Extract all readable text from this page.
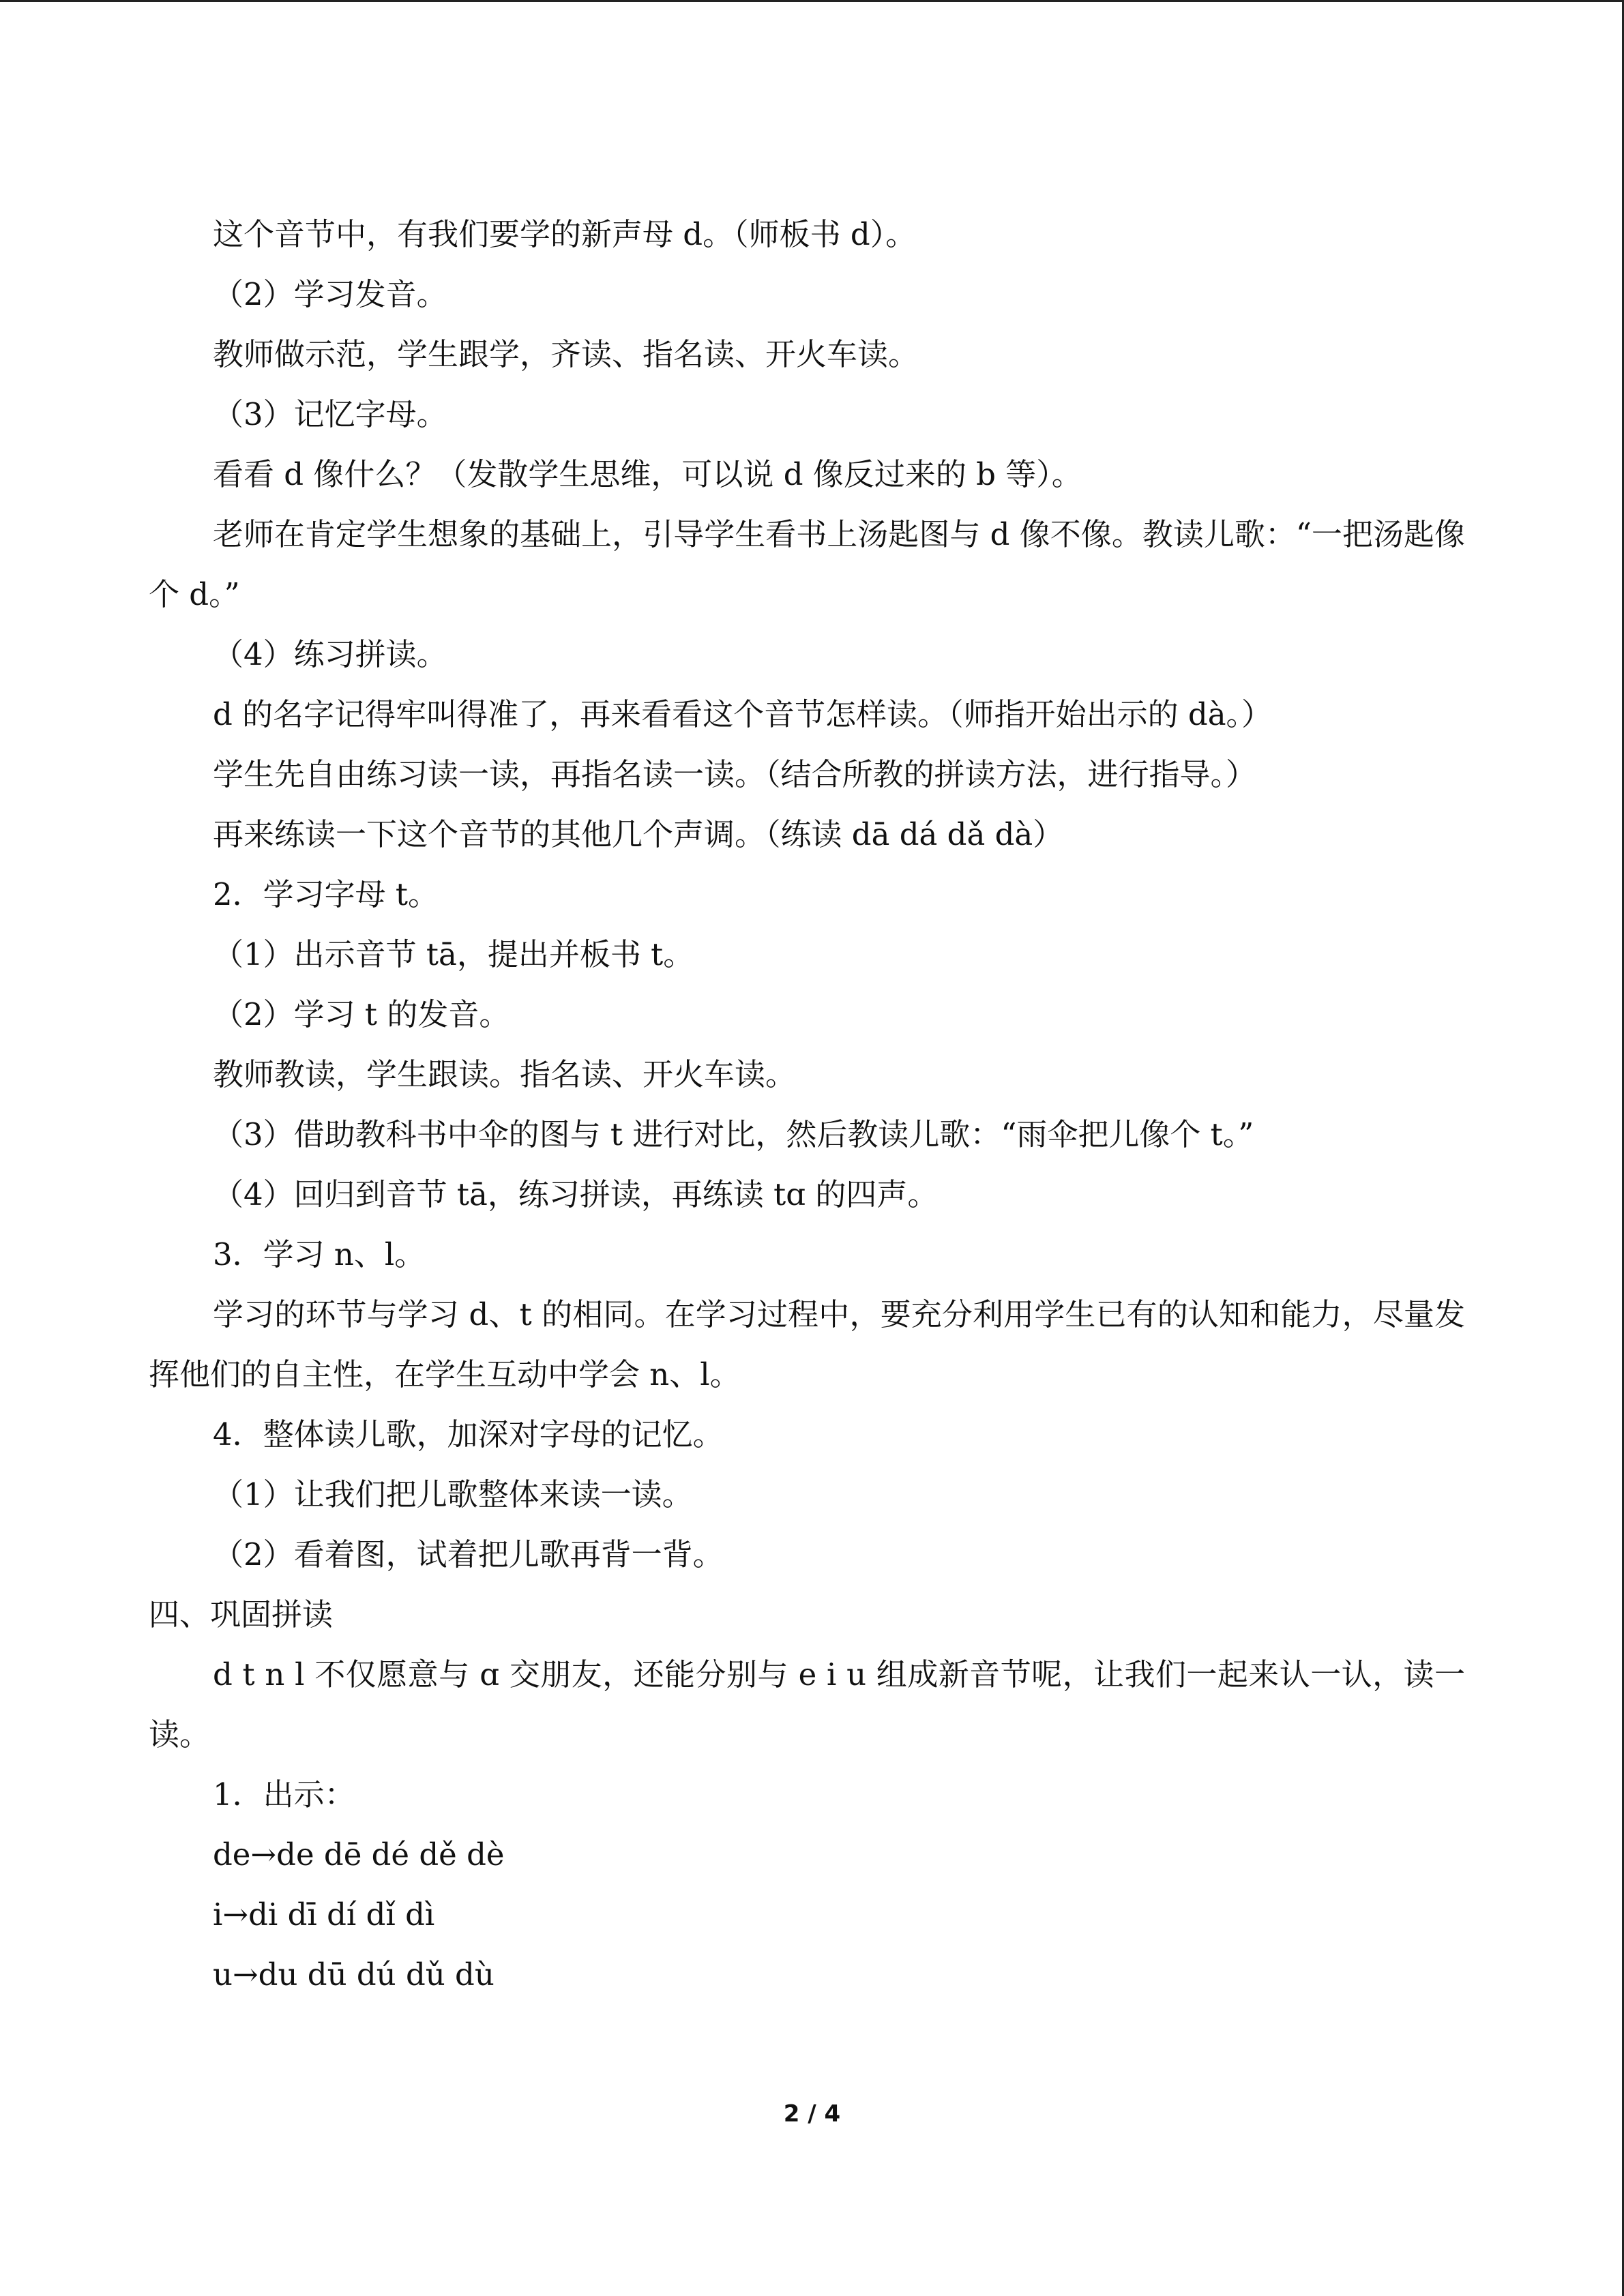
这个音节中，有我们要学的新声母 d。（师板书 d）。
（2）学习发音。
教师做示范，学生跟学，齐读、指名读、开火车读。
（3）记忆字母。
看看 d 像什么？（发散学生思维，可以说 d 像反过来的 b 等）。
老师在肯定学生想象的基础上，引导学生看书上汤匙图与 d 像不像。教读儿歌：“一把汤匙像个 d。”
（4）练习拼读。
d 的名字记得牢叫得准了，再来看看这个音节怎样读。（师指开始出示的 dà。）
学生先自由练习读一读，再指名读一读。（结合所教的拼读方法，进行指导。）
再来练读一下这个音节的其他几个声调。（练读 dā dá dǎ dà）
2．学习字母 t。
（1）出示音节 tā，提出并板书 t。
（2）学习 t 的发音。
教师教读，学生跟读。指名读、开火车读。
（3）借助教科书中伞的图与 t 进行对比，然后教读儿歌：“雨伞把儿像个 t。”
（4）回归到音节 tā，练习拼读，再练读 tɑ 的四声。
3．学习 n、l。
学习的环节与学习 d、t 的相同。在学习过程中，要充分利用学生已有的认知和能力，尽量发挥他们的自主性，在学生互动中学会 n、l。
4．整体读儿歌，加深对字母的记忆。
（1）让我们把儿歌整体来读一读。
（2）看着图，试着把儿歌再背一背。
四、巩固拼读
d t n l 不仅愿意与 ɑ 交朋友，还能分别与 e i u 组成新音节呢，让我们一起来认一认，读一读。
1．出示：
de→de dē dé dě dè
i→di dī dí dǐ dì
u→du dū dú dǔ dù
2 / 4
